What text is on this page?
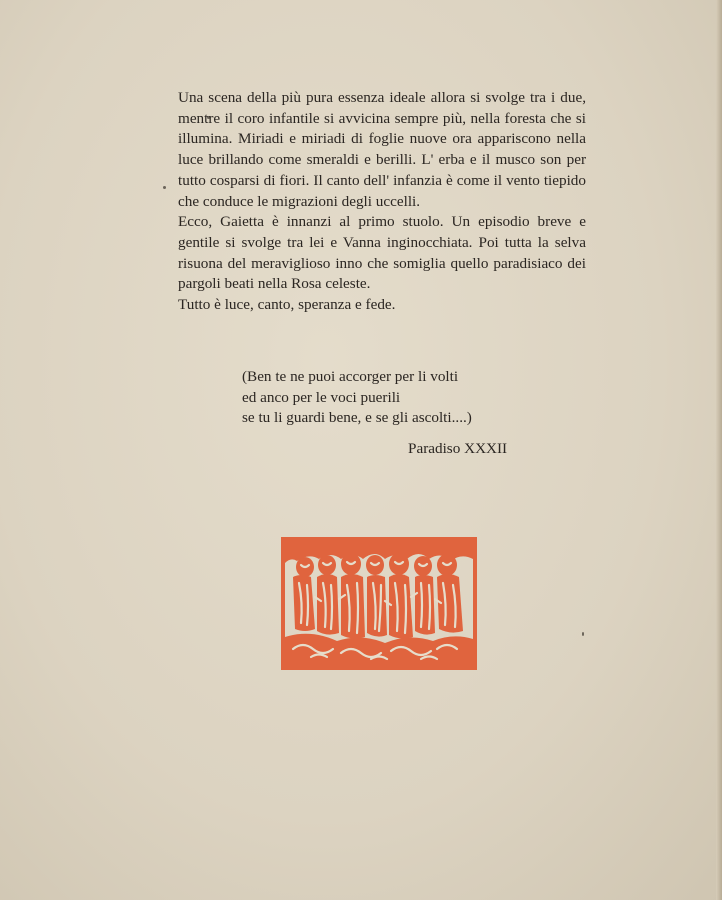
Una scena della più pura essenza ideale allora si svolge tra i due, mentre il coro infantile si avvicina sempre più, nella foresta che si illumina. Miriadi e miriadi di foglie nuove ora appariscono nella luce brillando come smeraldi e berilli. L' erba e il musco son per tutto cosparsi di fiori. Il canto dell' infanzia è come il vento tiepido che conduce le migrazioni degli uccelli.

Ecco, Gaietta è innanzi al primo stuolo. Un episodio breve e gentile si svolge tra lei e Vanna inginocchiata. Poi tutta la selva risuona del meraviglioso inno che somiglia quello paradisiaco dei pargoli beati nella Rosa celeste.

Tutto è luce, canto, speranza e fede.

(Ben te ne puoi accorger per li volti
ed anco per le voci puerili
se tu li guardi bene, e se gli ascolti....)
Paradiso XXXII
